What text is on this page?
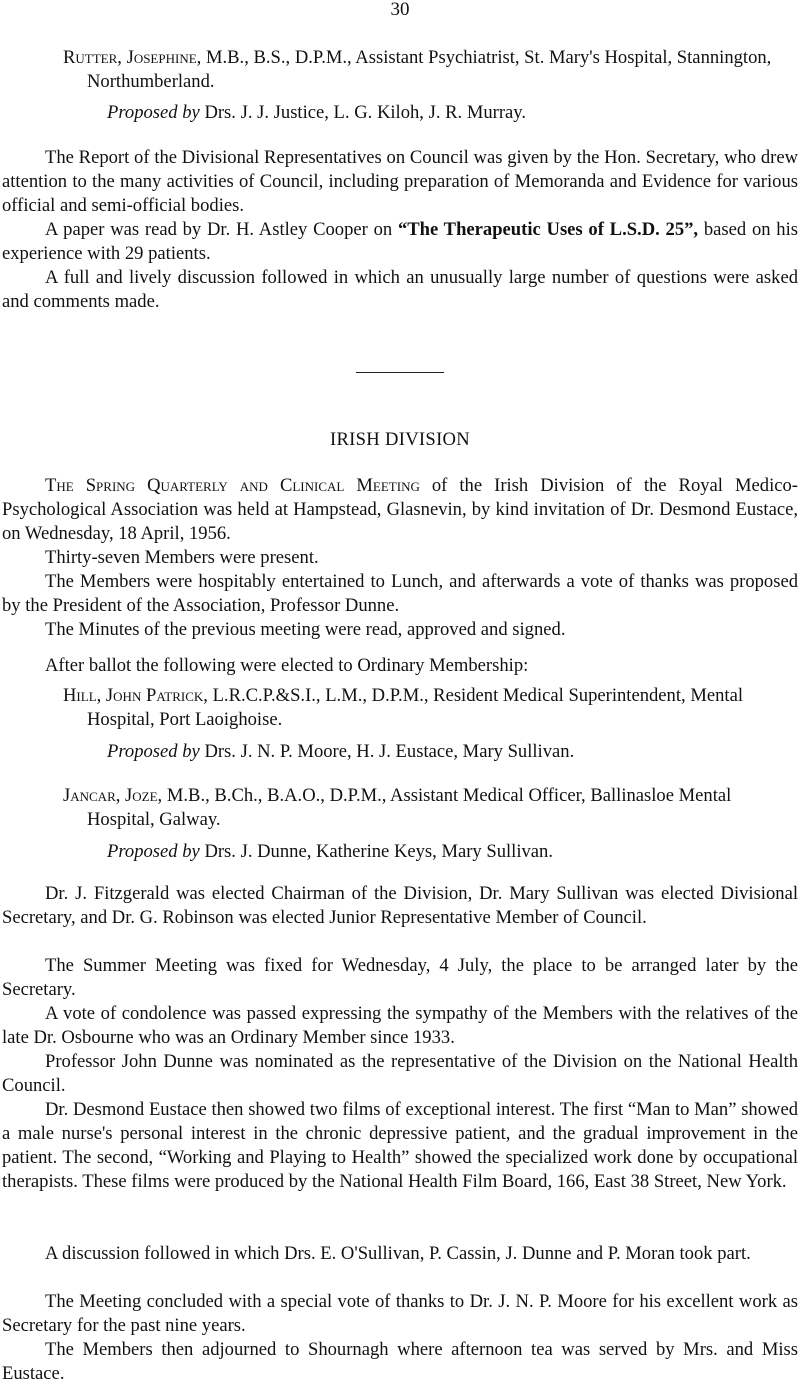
30
Rutter, Josephine, M.B., B.S., D.P.M., Assistant Psychiatrist, St. Mary's Hospital, Stannington, Northumberland.
Proposed by Drs. J. J. Justice, L. G. Kiloh, J. R. Murray.

The Report of the Divisional Representatives on Council was given by the Hon. Secretary, who drew attention to the many activities of Council, including preparation of Memoranda and Evidence for various official and semi-official bodies.

A paper was read by Dr. H. Astley Cooper on “The Therapeutic Uses of L.S.D. 25”, based on his experience with 29 patients.

A full and lively discussion followed in which an unusually large number of questions were asked and comments made.

IRISH DIVISION

The Spring Quarterly and Clinical Meeting of the Irish Division of the Royal Medico-Psychological Association was held at Hampstead, Glasnevin, by kind invitation of Dr. Desmond Eustace, on Wednesday, 18 April, 1956.

Thirty-seven Members were present.

The Members were hospitably entertained to Lunch, and afterwards a vote of thanks was proposed by the President of the Association, Professor Dunne.

The Minutes of the previous meeting were read, approved and signed.

After ballot the following were elected to Ordinary Membership:

Hill, John Patrick, L.R.C.P.&S.I., L.M., D.P.M., Resident Medical Superintendent, Mental Hospital, Port Laoighoise.
Proposed by Drs. J. N. P. Moore, H. J. Eustace, Mary Sullivan.
Jancar, Joze, M.B., B.Ch., B.A.O., D.P.M., Assistant Medical Officer, Ballinasloe Mental Hospital, Galway.
Proposed by Drs. J. Dunne, Katherine Keys, Mary Sullivan.

Dr. J. Fitzgerald was elected Chairman of the Division, Dr. Mary Sullivan was elected Divisional Secretary, and Dr. G. Robinson was elected Junior Representative Member of Council.

The Summer Meeting was fixed for Wednesday, 4 July, the place to be arranged later by the Secretary.

A vote of condolence was passed expressing the sympathy of the Members with the relatives of the late Dr. Osbourne who was an Ordinary Member since 1933.

Professor John Dunne was nominated as the representative of the Division on the National Health Council.

Dr. Desmond Eustace then showed two films of exceptional interest. The first “Man to Man” showed a male nurse's personal interest in the chronic depressive patient, and the gradual improvement in the patient. The second, “Working and Playing to Health” showed the specialized work done by occupational therapists. These films were produced by the National Health Film Board, 166, East 38 Street, New York.

A discussion followed in which Drs. E. O'Sullivan, P. Cassin, J. Dunne and P. Moran took part.

The Meeting concluded with a special vote of thanks to Dr. J. N. P. Moore for his excellent work as Secretary for the past nine years.

The Members then adjourned to Shournagh where afternoon tea was served by Mrs. and Miss Eustace.
